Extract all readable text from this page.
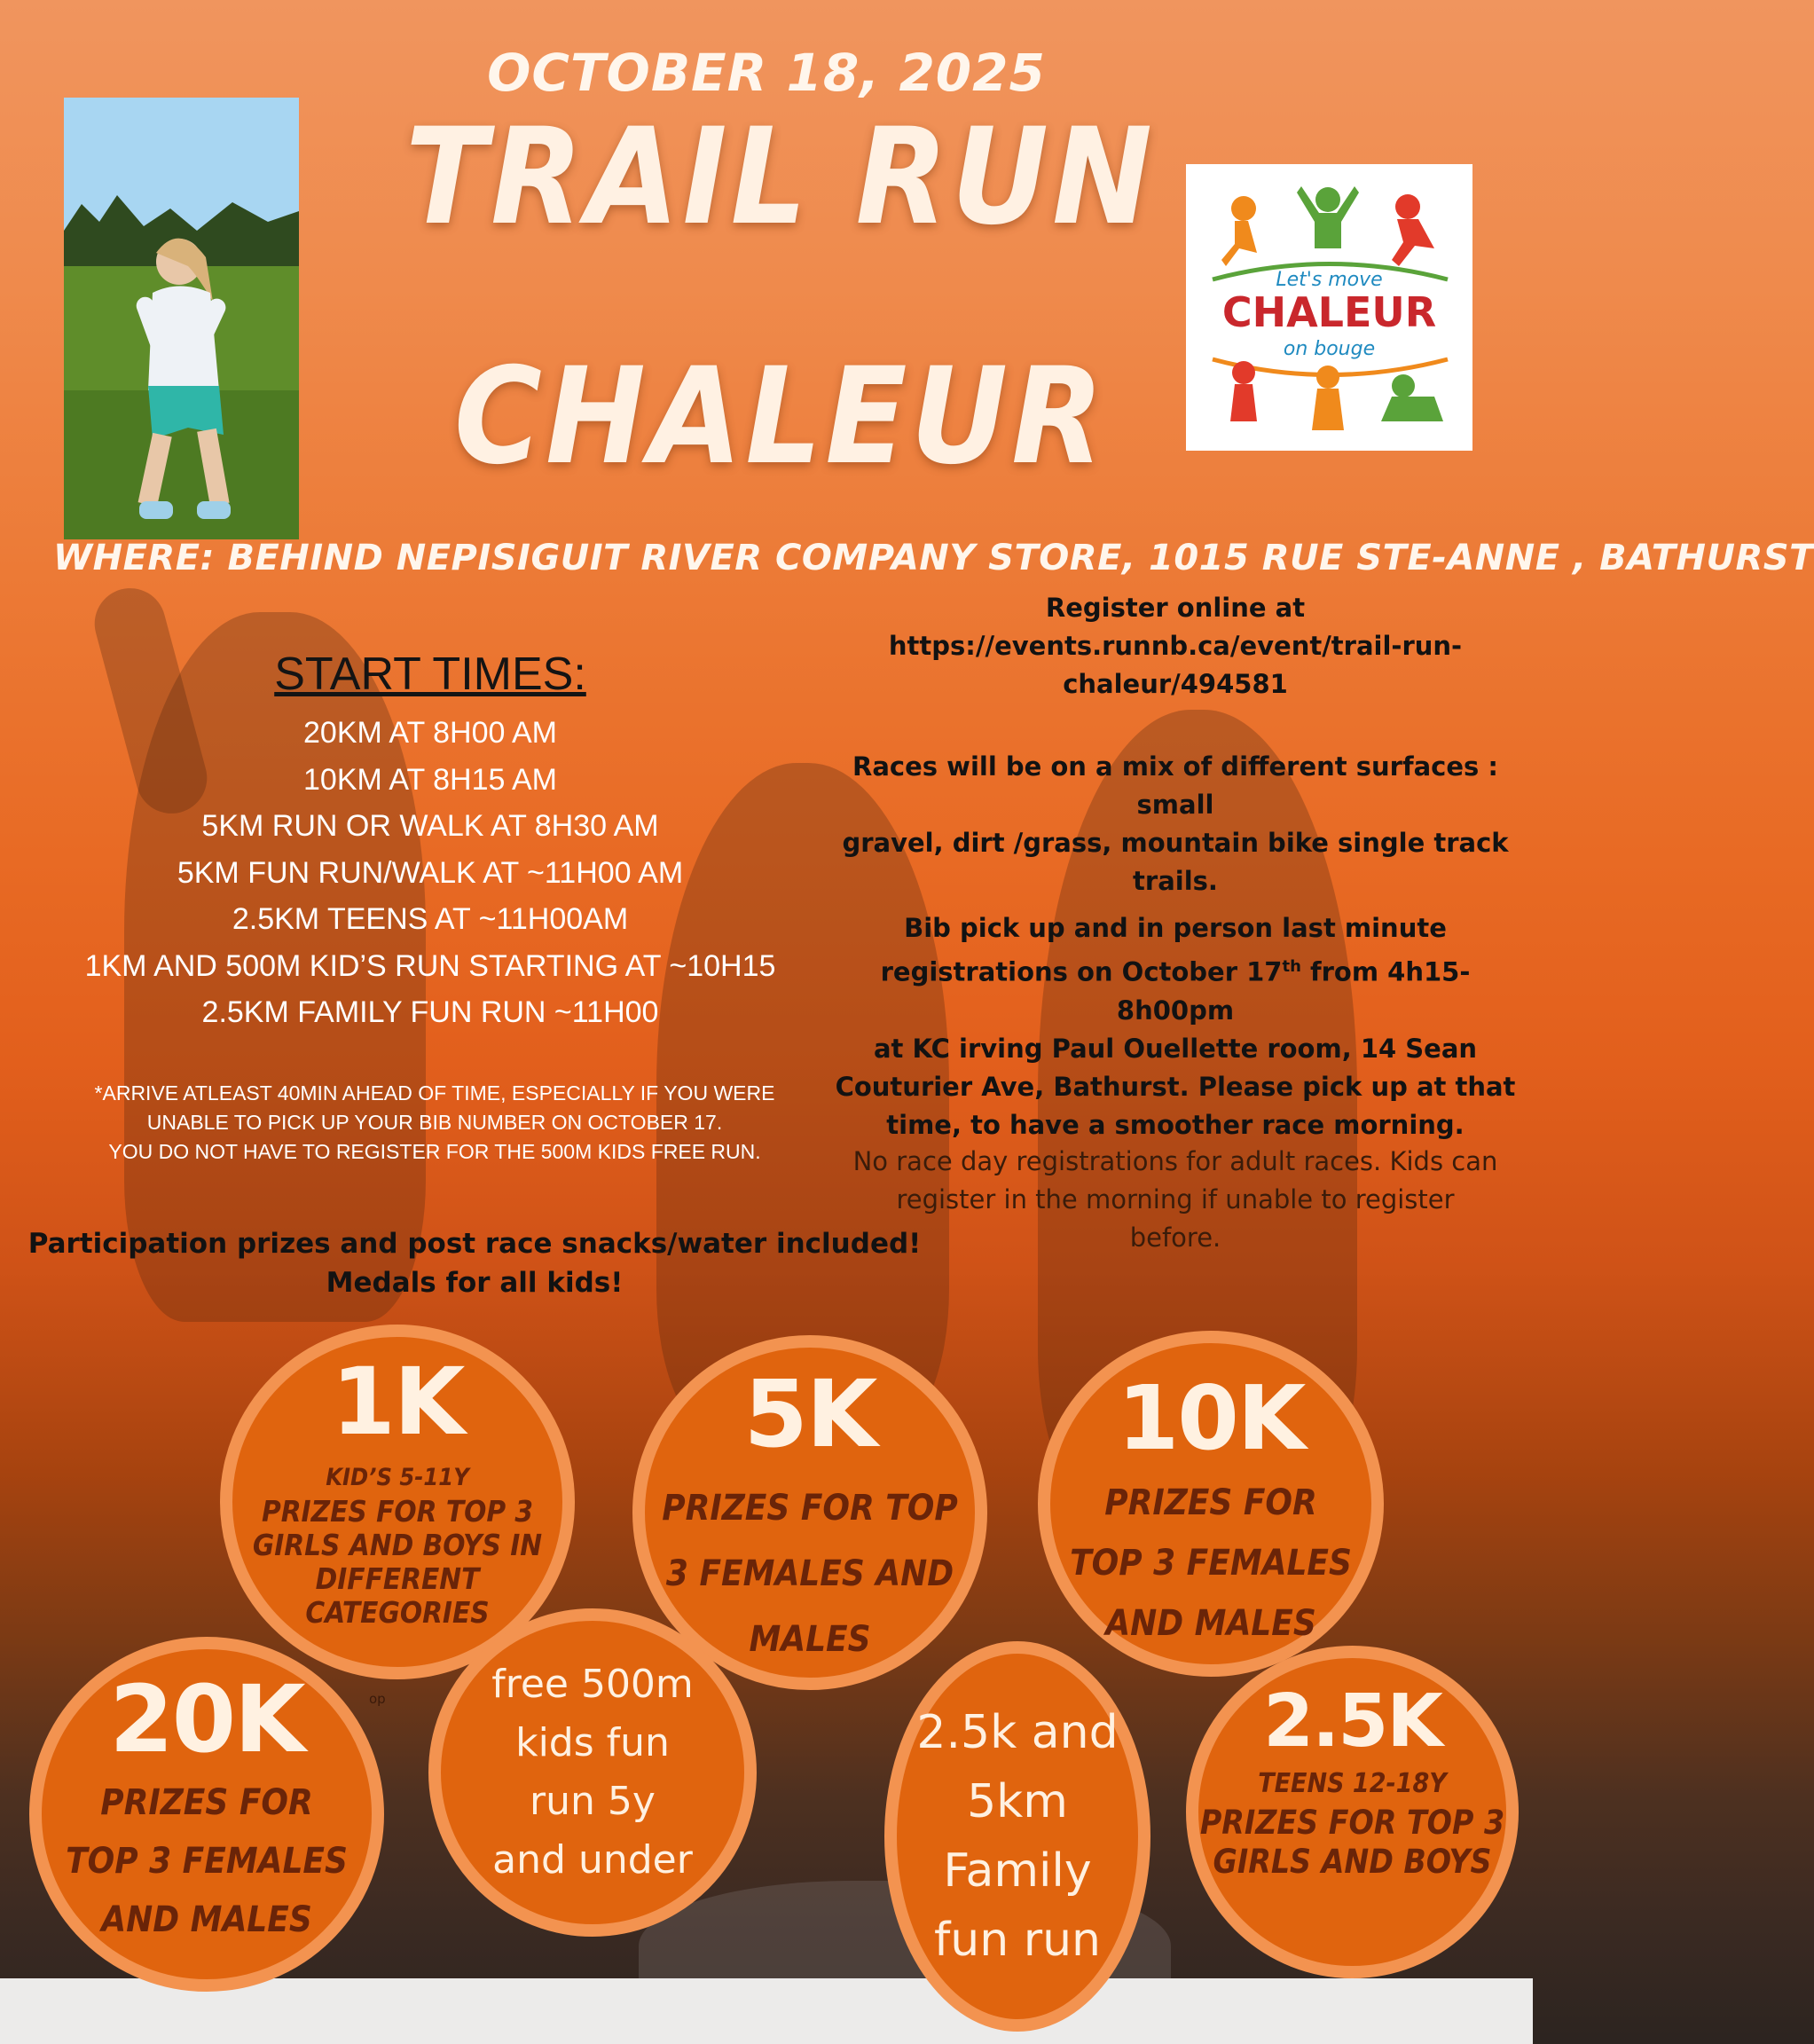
OCTOBER 18, 2025
TRAIL RUN
CHALEUR
Let's move
CHALEUR
on bouge
WHERE: BEHIND NEPISIGUIT RIVER COMPANY STORE, 1015 RUE STE-ANNE , BATHURST
START TIMES:
20KM AT 8H00 AM
10KM AT 8H15 AM
5KM RUN OR WALK AT 8H30 AM
5KM FUN RUN/WALK AT ~11H00 AM
2.5KM TEENS AT ~11H00AM
1KM AND 500M KID’S RUN STARTING AT ~10H15
2.5KM FAMILY FUN RUN ~11H00
*ARRIVE ATLEAST 40MIN AHEAD OF TIME, ESPECIALLY IF YOU WERE
UNABLE TO PICK UP YOUR BIB NUMBER ON OCTOBER 17.
YOU DO NOT HAVE TO REGISTER FOR THE 500M KIDS FREE RUN.
Participation prizes and post race snacks/water included!
Medals for all kids!
Register online at
https://events.runnb.ca/event/trail-run-
chaleur/494581
Races will be on a mix of different surfaces : small
gravel, dirt /grass, mountain bike single track
trails.
Bib pick up and in person last minute
registrations on October 17th from 4h15-8h00pm
at KC irving Paul Ouellette room, 14 Sean
Couturier Ave, Bathurst. Please pick up at that
time, to have a smoother race morning.
No race day registrations for adult races. Kids can
register in the morning if unable to register
before.
1K
KID’S 5-11Y
PRIZES FOR TOP 3
GIRLS AND BOYS IN
DIFFERENT
CATEGORIES
5K
PRIZES FOR TOP
3 FEMALES AND
MALES
10K
PRIZES FOR
TOP 3 FEMALES
AND MALES
20K
PRIZES FOR
TOP 3 FEMALES
AND MALES
op	free 500m
kids fun
run 5y
and under
2.5k and
5km
Family
fun run
2.5K
TEENS 12-18Y
PRIZES FOR TOP 3
GIRLS AND BOYS
